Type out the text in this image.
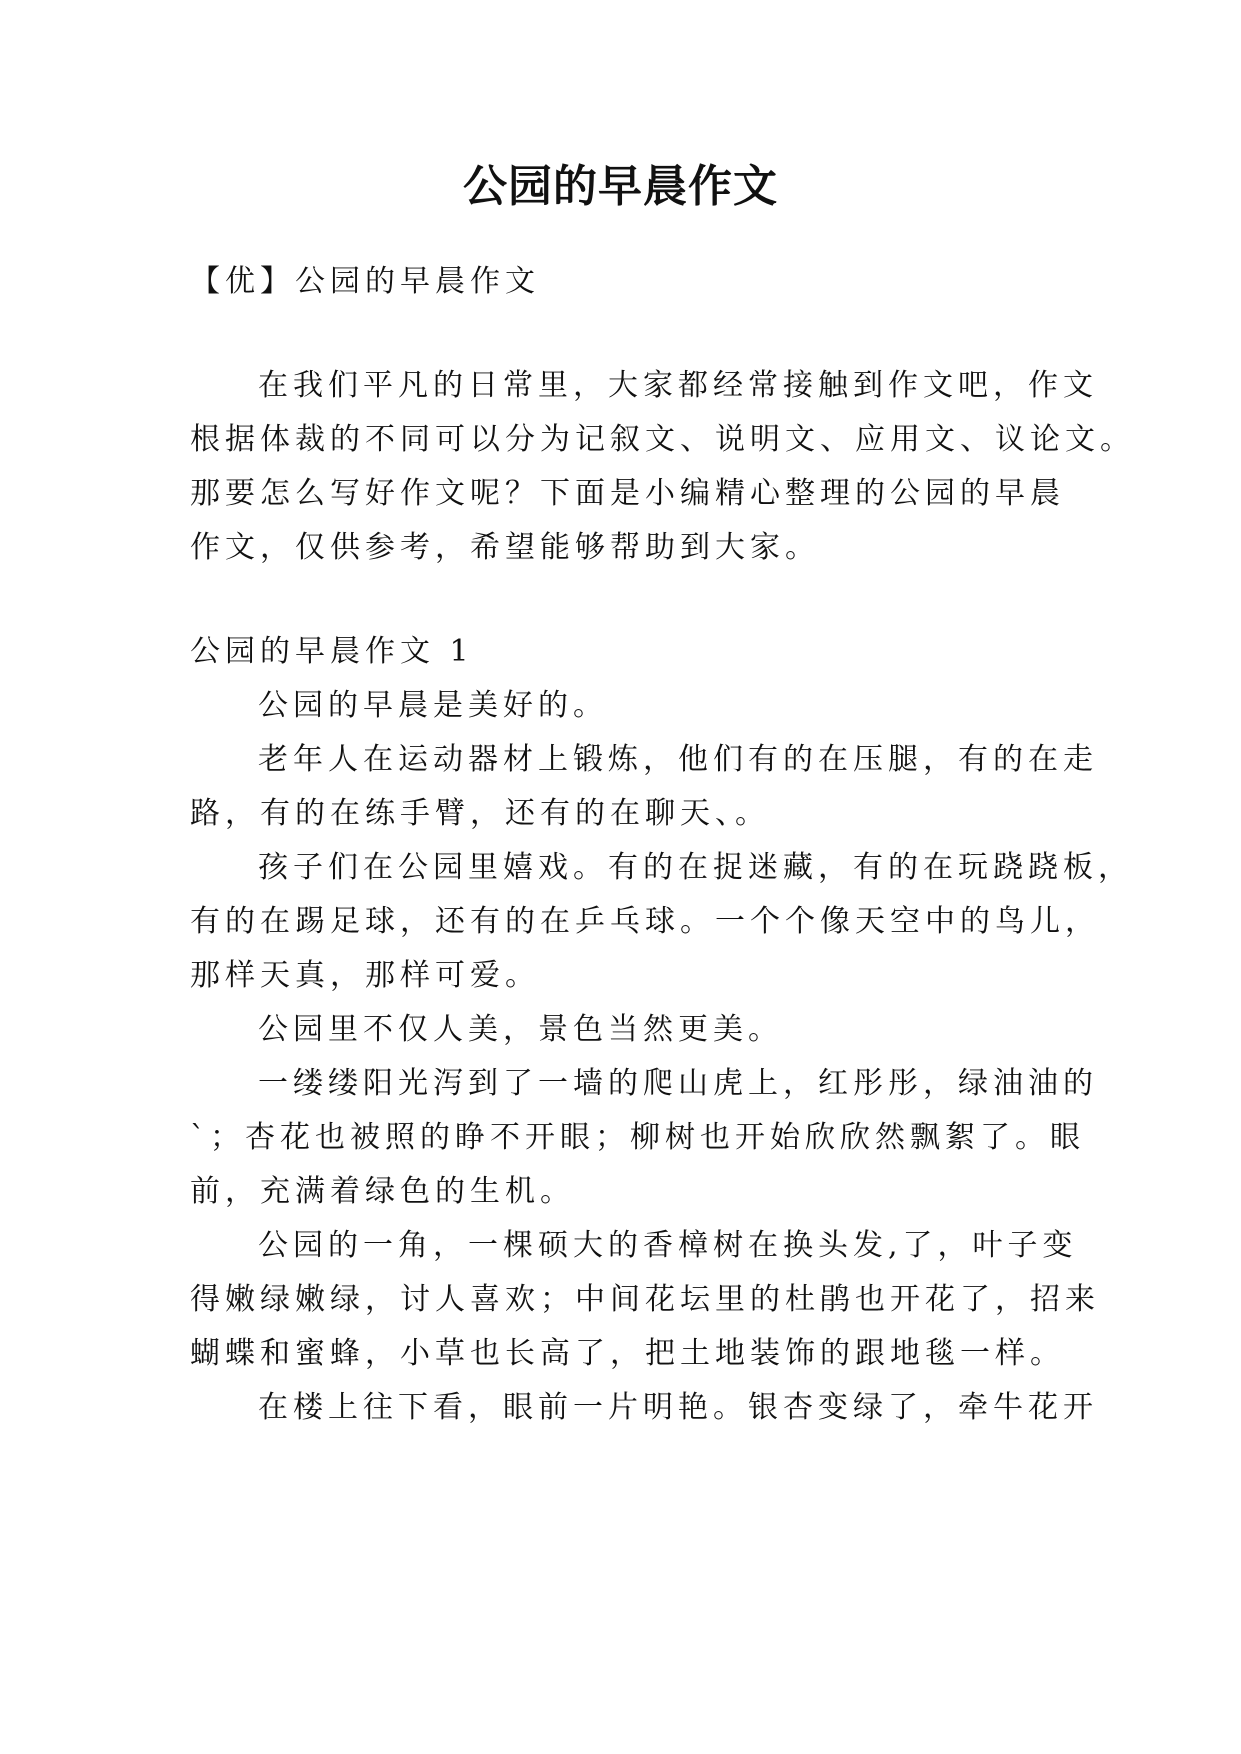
公园的早晨作文
【优】公园的早晨作文
在我们平凡的日常里，大家都经常接触到作文吧，作文
根据体裁的不同可以分为记叙文、说明文、应用文、议论文。
那要怎么写好作文呢？下面是小编精心整理的公园的早晨
作文，仅供参考，希望能够帮助到大家。
公园的早晨作文 1
公园的早晨是美好的。
老年人在运动器材上锻炼，他们有的在压腿，有的在走
路，有的在练手臂，还有的在聊天、。
孩子们在公园里嬉戏。有的在捉迷藏，有的在玩跷跷板，
有的在踢足球，还有的在乒乓球。一个个像天空中的鸟儿，
那样天真，那样可爱。
公园里不仅人美，景色当然更美。
一缕缕阳光泻到了一墙的爬山虎上，红彤彤，绿油油的
`；杏花也被照的睁不开眼；柳树也开始欣欣然飘絮了。眼
前，充满着绿色的生机。
公园的一角，一棵硕大的香樟树在换头发,了，叶子变
得嫩绿嫩绿，讨人喜欢；中间花坛里的杜鹃也开花了，招来
蝴蝶和蜜蜂，小草也长高了，把土地装饰的跟地毯一样。
在楼上往下看，眼前一片明艳。银杏变绿了，牵牛花开
